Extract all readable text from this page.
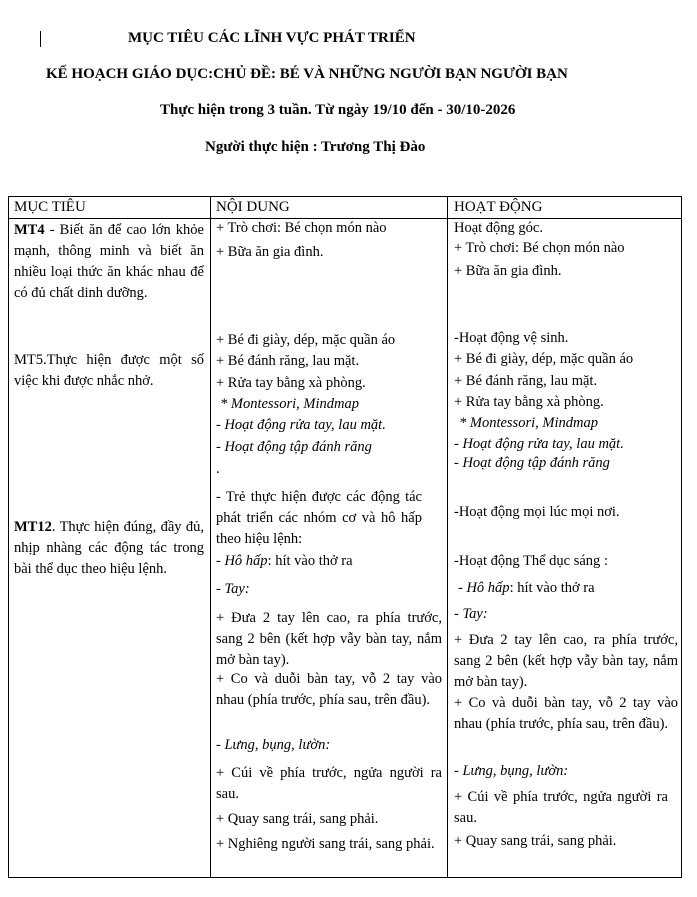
MỤC TIÊU CÁC LĨNH VỰC PHÁT TRIỂN
KẾ HOẠCH GIÁO DỤC:CHỦ ĐỀ: BÉ VÀ NHỮNG NGƯỜI BẠN NGƯỜI BẠN
Thực hiện trong 3 tuần. Từ ngày 19/10 đến - 30/10-2026
Người thực hiện : Trương Thị Đào
MỤC TIÊU	NỘI DUNG	HOẠT ĐỘNG
MT4 - Biết ăn để cao lớn khỏe mạnh, thông minh và biết ăn nhiều loại thức ăn khác nhau để có đủ chất dinh dưỡng.
MT5.Thực hiện được một số việc khi được nhắc nhở.
MT12. Thực hiện đúng, đầy đủ, nhịp nhàng các động tác trong bài thể dục theo hiệu lệnh.
+ Trò chơi: Bé chọn món nào
+ Bữa ăn gia đình.
+ Bé đi giày, dép, mặc quần áo
+ Bé đánh răng, lau mặt.
+ Rửa tay bằng xà phòng.
* Montessori, Mindmap
- Hoạt động rửa tay, lau mặt.
- Hoạt động tập đánh răng
.
- Trẻ thực hiện được các động tác phát triển các nhóm cơ và hô hấp theo hiệu lệnh:
- Hô hấp: hít vào thở ra
- Tay:
+ Đưa 2 tay lên cao, ra phía trước, sang 2 bên (kết hợp vẫy bàn tay, nắm mở bàn tay).
+ Co và duỗi bàn tay, vỗ 2 tay vào nhau (phía trước, phía sau, trên đầu).
- Lưng, bụng, lườn:
+ Cúi về phía trước, ngửa người ra sau.
+ Quay sang trái, sang phải.
+ Nghiêng người sang trái, sang phải.
Hoạt động góc.
+ Trò chơi: Bé chọn món nào
+ Bữa ăn gia đình.
-Hoạt động vệ sinh.
+ Bé đi giày, dép, mặc quần áo
+ Bé đánh răng, lau mặt.
+ Rửa tay bằng xà phòng.
* Montessori, Mindmap
- Hoạt động rửa tay, lau mặt.
- Hoạt động tập đánh răng
-Hoạt động mọi lúc mọi nơi.
-Hoạt động Thể dục sáng :
- Hô hấp: hít vào thở ra
- Tay:
+ Đưa 2 tay lên cao, ra phía trước, sang 2 bên (kết hợp vẫy bàn tay, nắm mở bàn tay).
+ Co và duỗi bàn tay, vỗ 2 tay vào nhau (phía trước, phía sau, trên đầu).
- Lưng, bụng, lườn:
+ Cúi về phía trước, ngửa người ra sau.
+ Quay sang trái, sang phải.
